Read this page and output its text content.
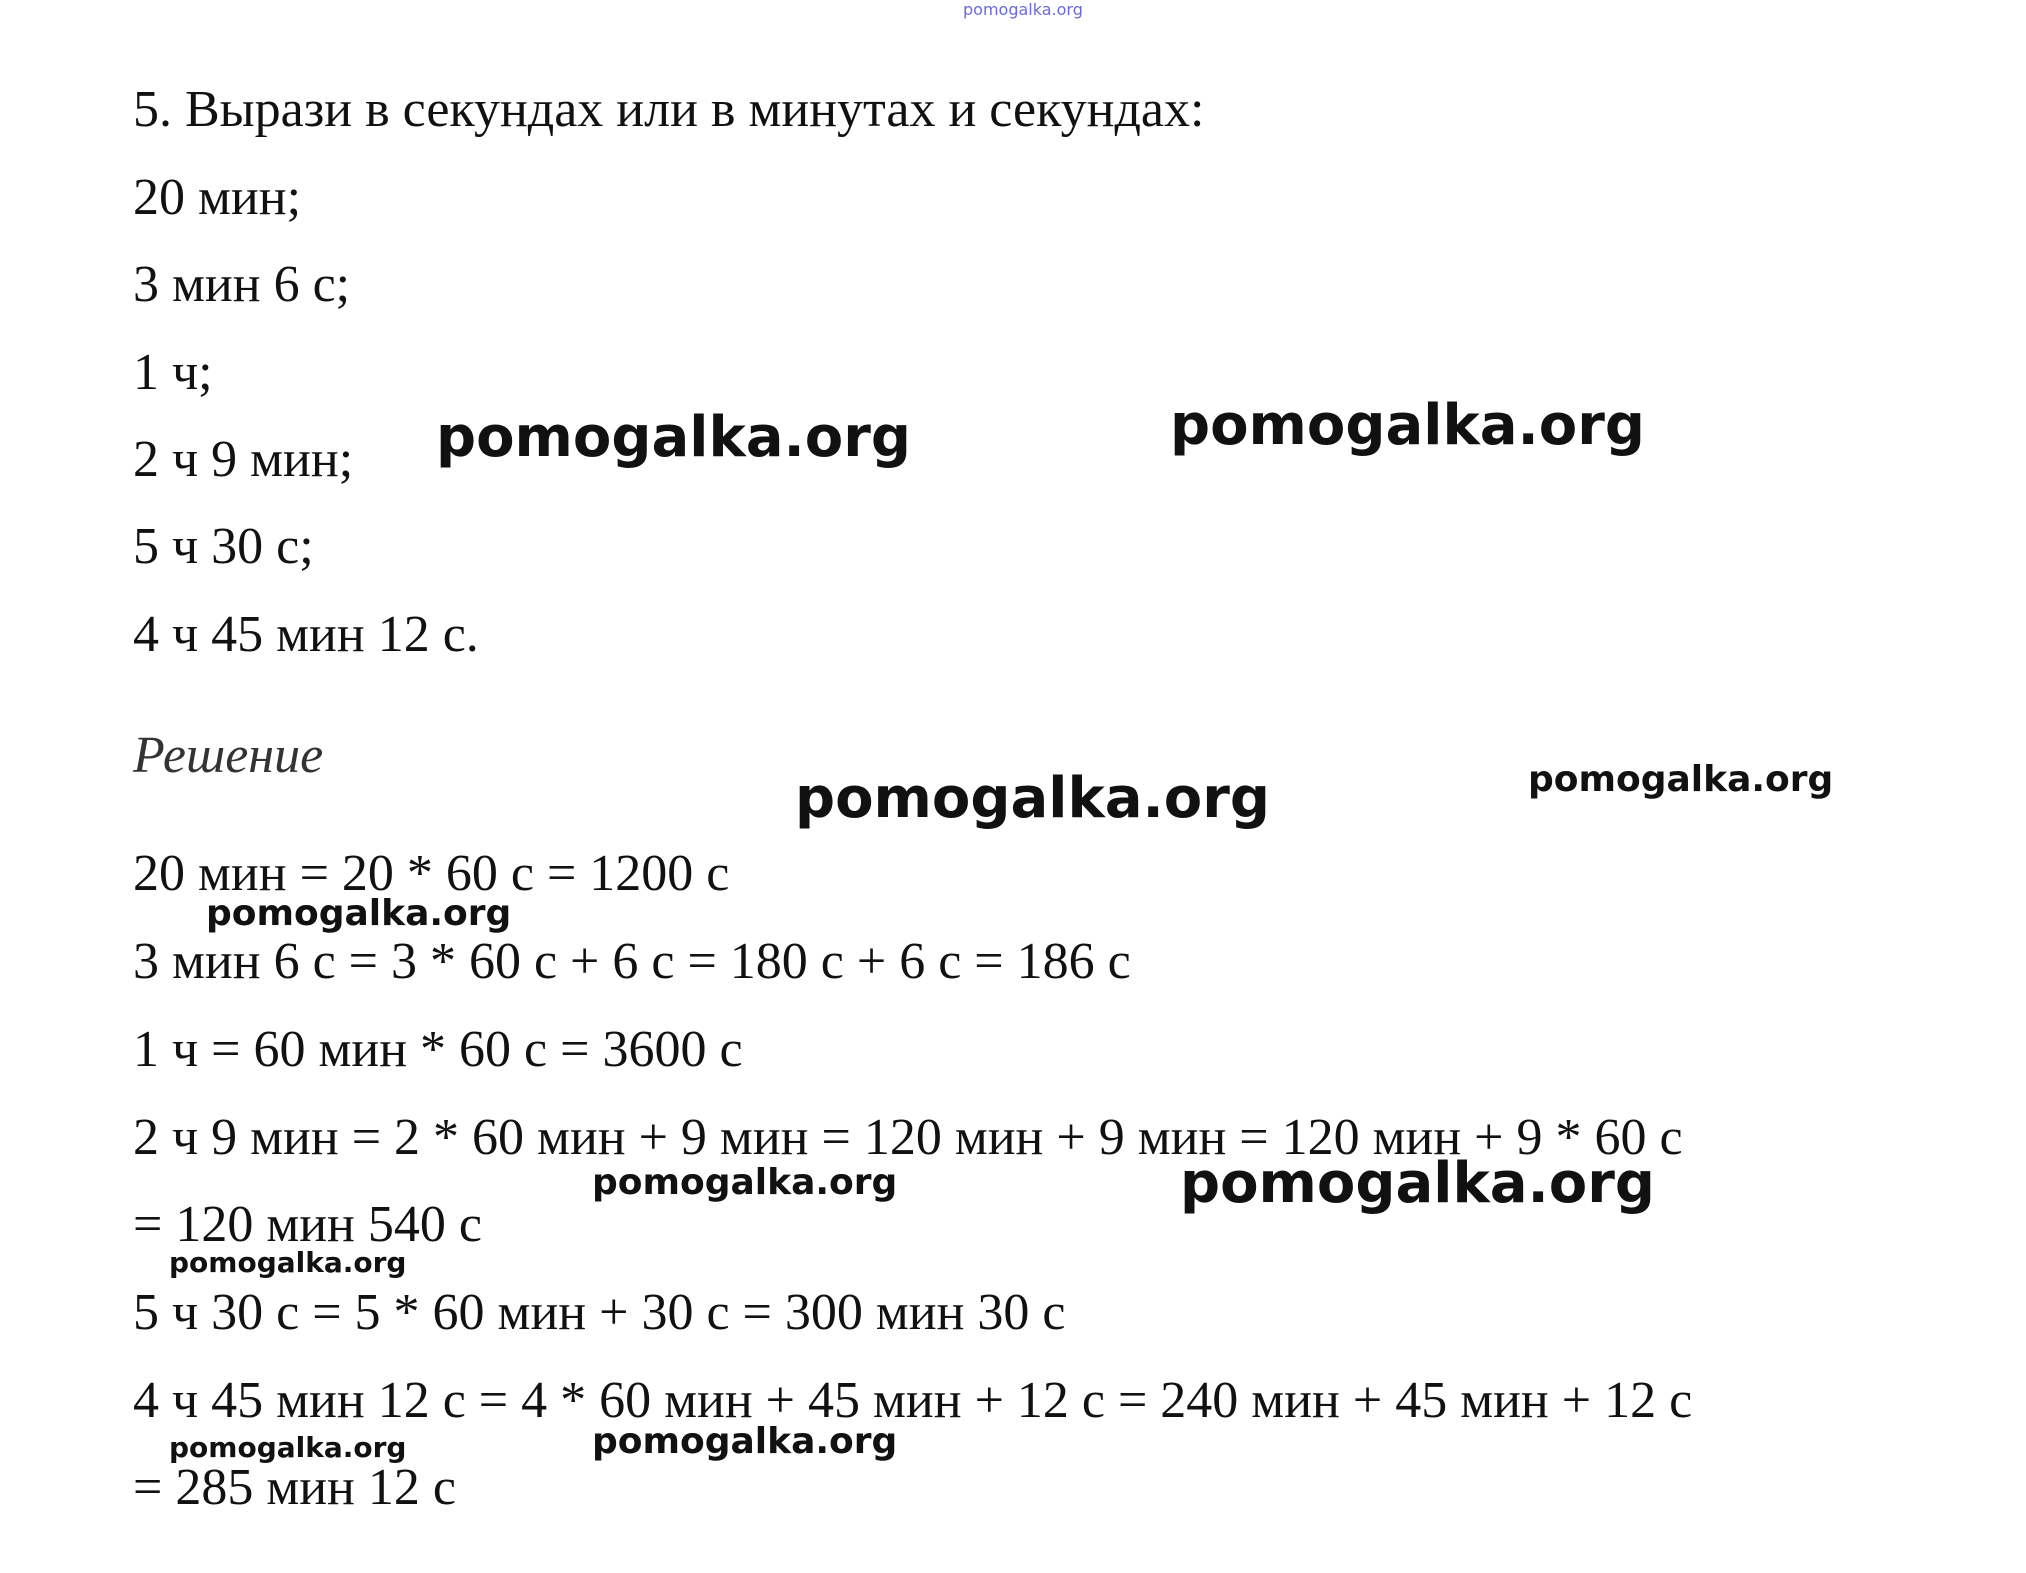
pomogalka.org
5. Вырази в секундах или в минутах и секундах:
20 мин;
3 мин 6 с;
1 ч;
2 ч 9 мин;
5 ч 30 с;
4 ч 45 мин 12 с.
Решение
20 мин = 20 * 60 с = 1200 с
3 мин 6 с = 3 * 60 с + 6 с = 180 с + 6 с = 186 с
1 ч = 60 мин * 60 с = 3600 с
2 ч 9 мин = 2 * 60 мин + 9 мин = 120 мин + 9 мин = 120 мин + 9 * 60 с
= 120 мин 540 с
5 ч 30 с = 5 * 60 мин + 30 с = 300 мин 30 с
4 ч 45 мин 12 с = 4 * 60 мин + 45 мин + 12 с = 240 мин + 45 мин + 12 с
= 285 мин 12 с
pomogalka.org	pomogalka.org
pomogalka.org	pomogalka.org
pomogalka.org
pomogalka.org	pomogalka.org
pomogalka.org
pomogalka.org
pomogalka.org
